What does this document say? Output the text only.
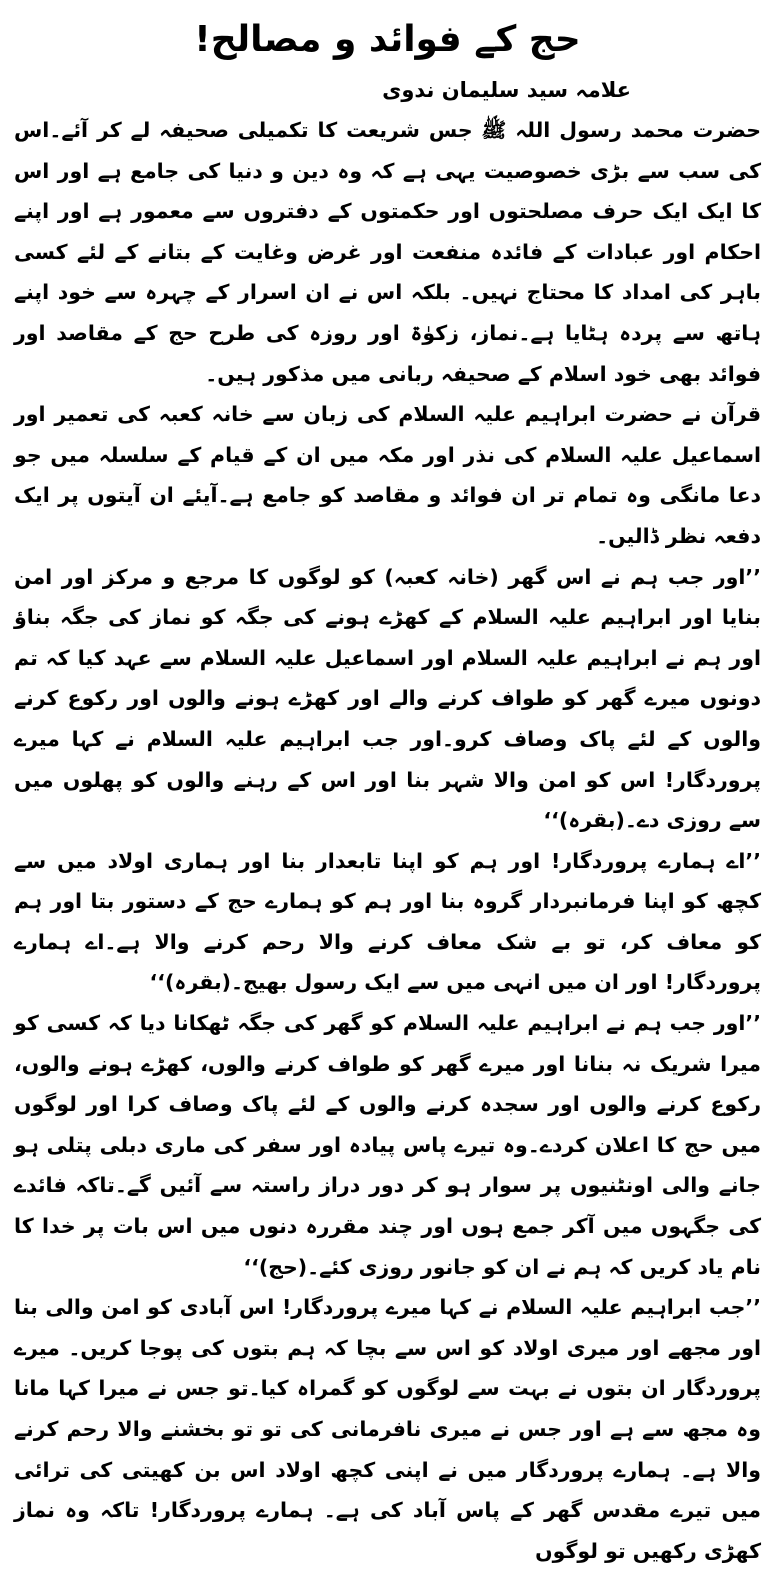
حج کے فوائد و مصالح!
علامہ سید سلیمان ندوی

حضرت محمد رسول اللہ ﷺ جس شریعت کا تکمیلی صحیفہ لے کر آئے۔اس کی سب سے بڑی خصوصیت یہی ہے کہ وہ دین و دنیا کی جامع ہے اور اس کا ایک ایک حرف مصلحتوں اور حکمتوں کے دفتروں سے معمور ہے اور اپنے احکام اور عبادات کے فائدہ منفعت اور غرض وغایت کے بتانے کے لئے کسی باہر کی امداد کا محتاج نہیں۔ بلکہ اس نے ان اسرار کے چہرہ سے خود اپنے ہاتھ سے پردہ ہٹایا ہے۔نماز، زکوٰۃ اور روزہ کی طرح حج کے مقاصد اور فوائد بھی خود اسلام کے صحیفہ ربانی میں مذکور ہیں۔

قرآن نے حضرت ابراہیم علیہ السلام کی زبان سے خانہ کعبہ کی تعمیر اور اسماعیل علیہ السلام کی نذر اور مکہ میں ان کے قیام کے سلسلہ میں جو دعا مانگی وہ تمام تر ان فوائد و مقاصد کو جامع ہے۔آیئے ان آیتوں پر ایک دفعہ نظر ڈالیں۔

’’اور جب ہم نے اس گھر (خانہ کعبہ) کو لوگوں کا مرجع و مرکز اور امن بنایا اور ابراہیم علیہ السلام کے کھڑے ہونے کی جگہ کو نماز کی جگہ بناؤ اور ہم نے ابراہیم علیہ السلام اور اسماعیل علیہ السلام سے عہد کیا کہ تم دونوں میرے گھر کو طواف کرنے والے اور کھڑے ہونے والوں اور رکوع کرنے والوں کے لئے پاک وصاف کرو۔اور جب ابراہیم علیہ السلام نے کہا میرے پروردگار! اس کو امن والا شہر بنا اور اس کے رہنے والوں کو پھلوں میں سے روزی دے۔(بقرہ)‘‘

’’اے ہمارے پروردگار! اور ہم کو اپنا تابعدار بنا اور ہماری اولاد میں سے کچھ کو اپنا فرمانبردار گروہ بنا اور ہم کو ہمارے حج کے دستور بتا اور ہم کو معاف کر، تو بے شک معاف کرنے والا رحم کرنے والا ہے۔اے ہمارے پروردگار! اور ان میں انہی میں سے ایک رسول بھیج۔(بقرہ)‘‘

’’اور جب ہم نے ابراہیم علیہ السلام کو گھر کی جگہ ٹھکانا دیا کہ کسی کو میرا شریک نہ بنانا اور میرے گھر کو طواف کرنے والوں، کھڑے ہونے والوں، رکوع کرنے والوں اور سجدہ کرنے والوں کے لئے پاک وصاف کرا اور لوگوں میں حج کا اعلان کردے۔وہ تیرے پاس پیادہ اور سفر کی ماری دبلی پتلی ہو جانے والی اونٹنیوں پر سوار ہو کر دور دراز راستہ سے آئیں گے۔تاکہ فائدے کی جگہوں میں آکر جمع ہوں اور چند مقررہ دنوں میں اس بات پر خدا کا نام یاد کریں کہ ہم نے ان کو جانور روزی کئے۔(حج)‘‘

’’جب ابراہیم علیہ السلام نے کہا میرے پروردگار! اس آبادی کو امن والی بنا اور مجھے اور میری اولاد کو اس سے بچا کہ ہم بتوں کی پوجا کریں۔ میرے پروردگار ان بتوں نے بہت سے لوگوں کو گمراہ کیا۔تو جس نے میرا کہا مانا وہ مجھ سے ہے اور جس نے میری نافرمانی کی تو تو بخشنے والا رحم کرنے والا ہے۔ ہمارے پروردگار میں نے اپنی کچھ اولاد اس بن کھیتی کی ترائی میں تیرے مقدس گھر کے پاس آباد کی ہے۔ ہمارے پروردگار! تاکہ وہ نماز کھڑی رکھیں تو لوگوں
